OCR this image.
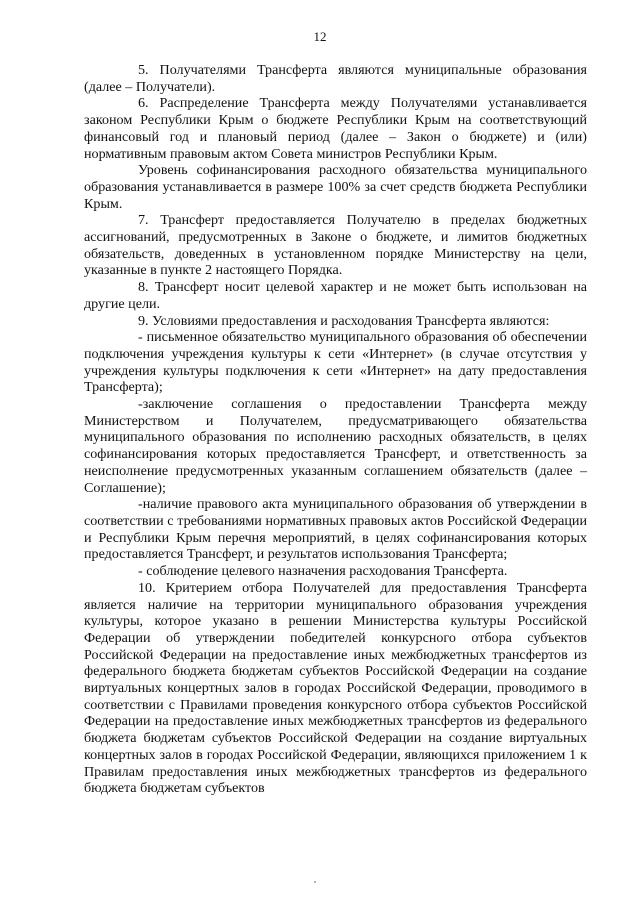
12

5. Получателями Трансферта являются муниципальные образования (далее – Получатели).

6. Распределение Трансферта между Получателями устанавливается законом Республики Крым о бюджете Республики Крым на соответствующий финансовый год и плановый период (далее – Закон о бюджете) и (или) нормативным правовым актом Совета министров Республики Крым.

Уровень софинансирования расходного обязательства муниципального образования устанавливается в размере 100% за счет средств бюджета Республики Крым.

7. Трансферт предоставляется Получателю в пределах бюджетных ассигнований, предусмотренных в Законе о бюджете, и лимитов бюджетных обязательств, доведенных в установленном порядке Министерству на цели, указанные в пункте 2 настоящего Порядка.

8. Трансферт носит целевой характер и не может быть использован на другие цели.

9. Условиями предоставления и расходования Трансферта являются:

- письменное обязательство муниципального образования об обеспечении подключения учреждения культуры к сети «Интернет» (в случае отсутствия у учреждения культуры подключения к сети «Интернет» на дату предоставления Трансферта);

-заключение соглашения о предоставлении Трансферта между Министерством и Получателем, предусматривающего обязательства муниципального образования по исполнению расходных обязательств, в целях софинансирования которых предоставляется Трансферт, и ответственность за неисполнение предусмотренных указанным соглашением обязательств (далее – Соглашение);

-наличие правового акта муниципального образования об утверждении в соответствии с требованиями нормативных правовых актов Российской Федерации и Республики Крым перечня мероприятий, в целях софинансирования которых предоставляется Трансферт, и результатов использования Трансферта;

- соблюдение целевого назначения расходования Трансферта.

10. Критерием отбора Получателей для предоставления Трансферта является наличие на территории муниципального образования учреждения культуры, которое указано в решении Министерства культуры Российской Федерации об утверждении победителей конкурсного отбора субъектов Российской Федерации на предоставление иных межбюджетных трансфертов из федерального бюджета бюджетам субъектов Российской Федерации на создание виртуальных концертных залов в городах Российской Федерации, проводимого в соответствии с Правилами проведения конкурсного отбора субъектов Российской Федерации на предоставление иных межбюджетных трансфертов из федерального бюджета бюджетам субъектов Российской Федерации на создание виртуальных концертных залов в городах Российской Федерации, являющихся приложением 1 к Правилам предоставления иных межбюджетных трансфертов из федерального бюджета бюджетам субъектов
